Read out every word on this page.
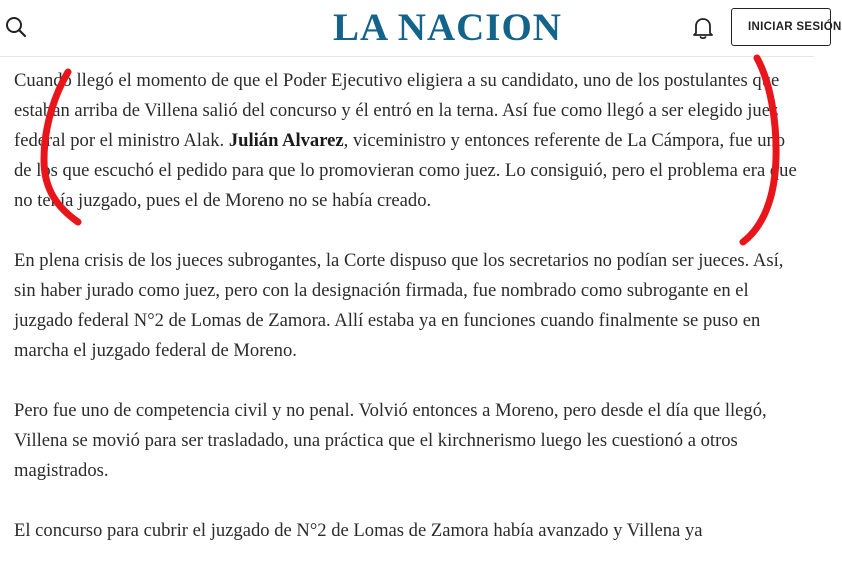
LA NACION	INICIAR SESIÓN

Cuando llegó el momento de que el Poder Ejecutivo eligiera a su candidato, uno de los postulantes que estaban arriba de Villena salió del concurso y él entró en la terna. Así fue como llegó a ser elegido juez federal por el ministro Alak. Julián Alvarez, viceministro y entonces referente de La Cámpora, fue uno de los que escuchó el pedido para que lo promovieran como juez. Lo consiguió, pero el problema era que no tenía juzgado, pues el de Moreno no se había creado.

En plena crisis de los jueces subrogantes, la Corte dispuso que los secretarios no podían ser jueces. Así, sin haber jurado como juez, pero con la designación firmada, fue nombrado como subrogante en el juzgado federal N°2 de Lomas de Zamora. Allí estaba ya en funciones cuando finalmente se puso en marcha el juzgado federal de Moreno.

Pero fue uno de competencia civil y no penal. Volvió entonces a Moreno, pero desde el día que llegó, Villena se movió para ser trasladado, una práctica que el kirchnerismo luego les cuestionó a otros magistrados.

El concurso para cubrir el juzgado de N°2 de Lomas de Zamora había avanzado y Villena ya
